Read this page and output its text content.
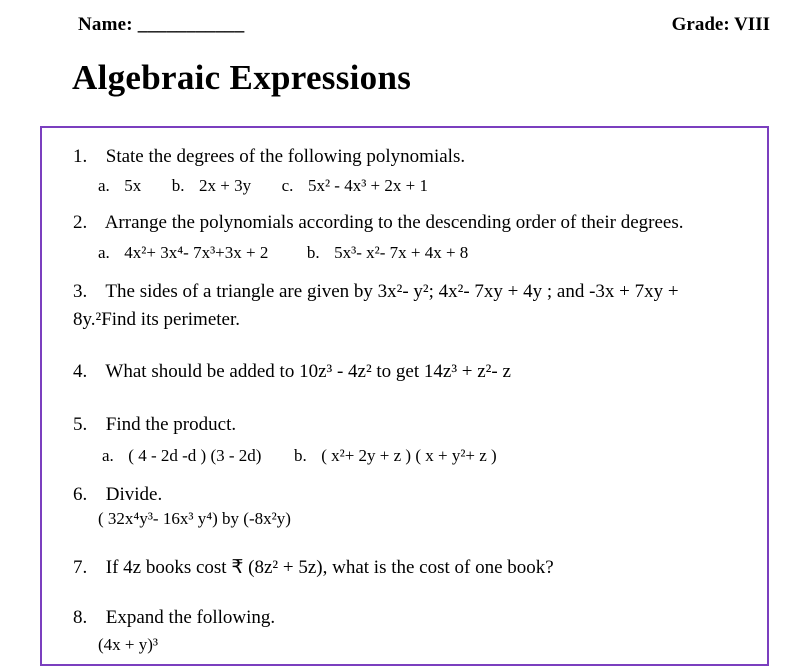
Name: ___________	Grade: VIII
Algebraic Expressions
1. State the degrees of the following polynomials.
a. 5x b. 2x + 3y c. 5x² - 4x³ + 2x + 1
2. Arrange the polynomials according to the descending order of their degrees.
a. 4x²+ 3x⁴- 7x³+3x + 2 b. 5x³- x²- 7x + 4x + 8
3. The sides of a triangle are given by 3x²- y²; 4x²- 7xy + 4y ; and -3x + 7xy +
8y.²Find its perimeter.
4. What should be added to 10z³ - 4z² to get 14z³ + z²- z
5. Find the product.
a. ( 4 - 2d -d ) (3 - 2d) b. ( x²+ 2y + z ) ( x + y²+ z )
6. Divide.
( 32x⁴y³- 16x³ y⁴) by (-8x²y)
7. If 4z books cost ₹ (8z² + 5z), what is the cost of one book?
8. Expand the following.
(4x + y)³
